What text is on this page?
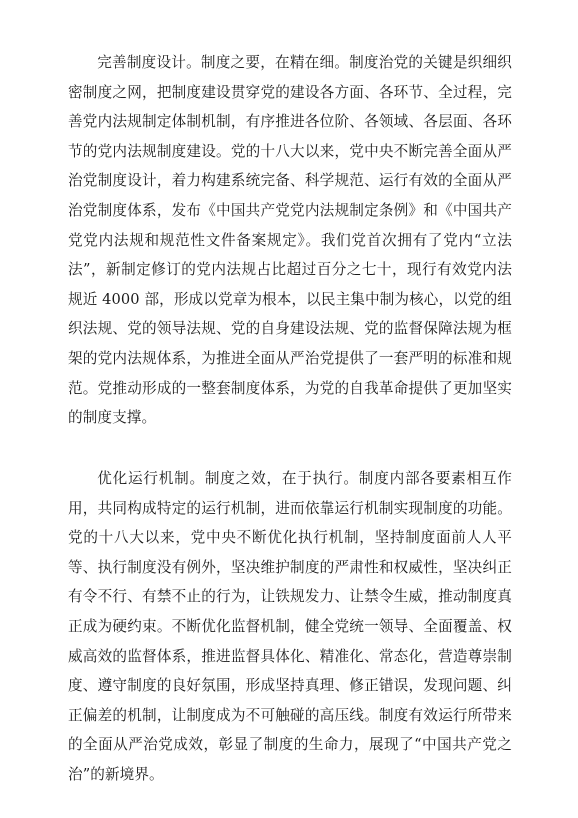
完善制度设计。制度之要，在精在细。制度治党的关键是织细织密制度之网，把制度建设贯穿党的建设各方面、各环节、全过程，完善党内法规制定体制机制，有序推进各位阶、各领域、各层面、各环节的党内法规制度建设。党的十八大以来，党中央不断完善全面从严治党制度设计，着力构建系统完备、科学规范、运行有效的全面从严治党制度体系，发布《中国共产党党内法规制定条例》和《中国共产党党内法规和规范性文件备案规定》。我们党首次拥有了党内“立法法”，新制定修订的党内法规占比超过百分之七十，现行有效党内法规近 4000 部，形成以党章为根本，以民主集中制为核心，以党的组织法规、党的领导法规、党的自身建设法规、党的监督保障法规为框架的党内法规体系，为推进全面从严治党提供了一套严明的标准和规范。党推动形成的一整套制度体系，为党的自我革命提供了更加坚实的制度支撑。

优化运行机制。制度之效，在于执行。制度内部各要素相互作用，共同构成特定的运行机制，进而依靠运行机制实现制度的功能。党的十八大以来，党中央不断优化执行机制，坚持制度面前人人平等、执行制度没有例外，坚决维护制度的严肃性和权威性，坚决纠正有令不行、有禁不止的行为，让铁规发力、让禁令生威，推动制度真正成为硬约束。不断优化监督机制，健全党统一领导、全面覆盖、权威高效的监督体系，推进监督具体化、精准化、常态化，营造尊崇制度、遵守制度的良好氛围，形成坚持真理、修正错误，发现问题、纠正偏差的机制，让制度成为不可触碰的高压线。制度有效运行所带来的全面从严治党成效，彰显了制度的生命力，展现了“中国共产党之治”的新境界。
